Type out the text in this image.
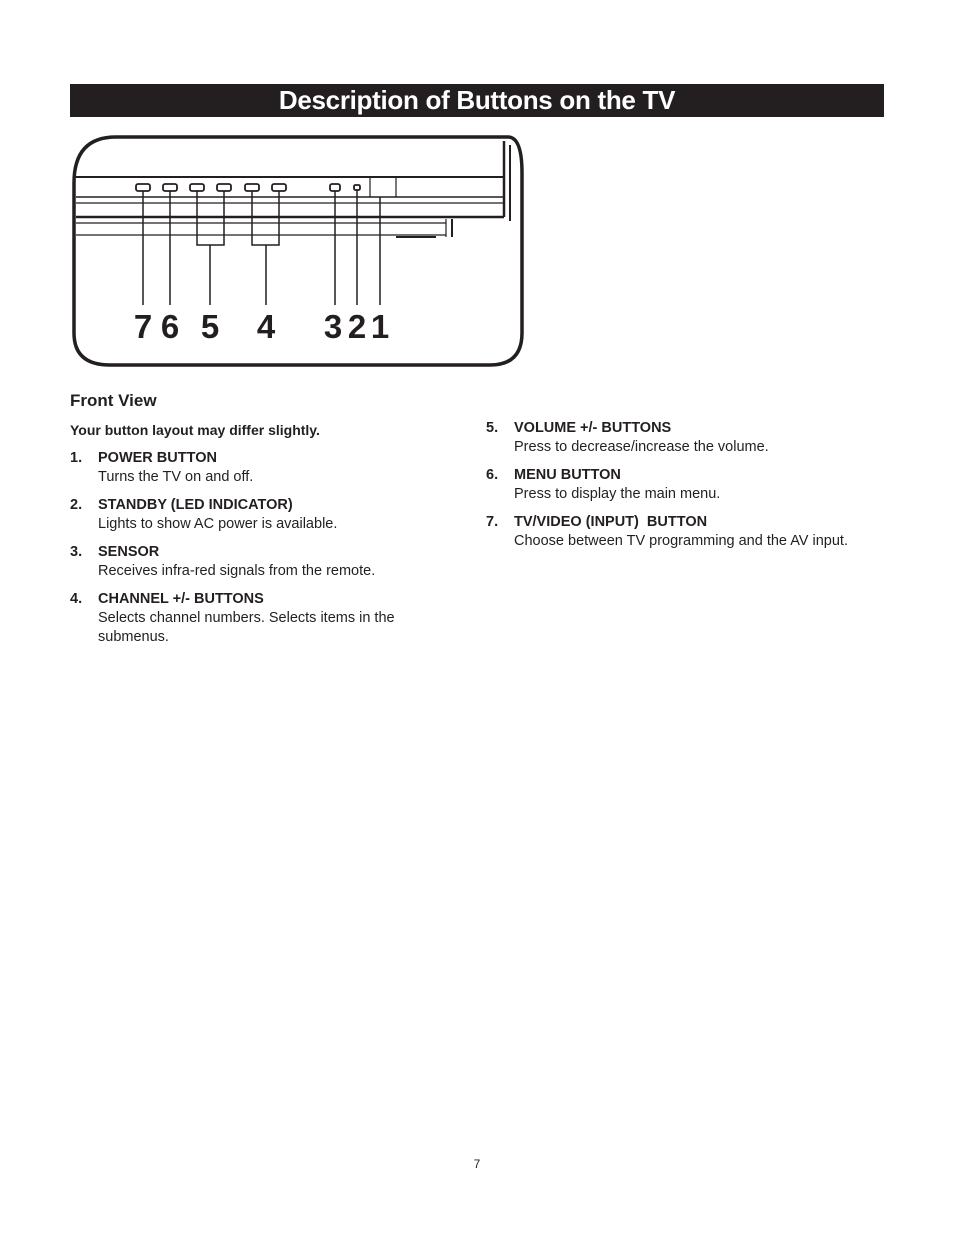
Description of Buttons on the TV
7 6 5 4 3 2 1
Front View
Your button layout may differ slightly.
1. POWER BUTTON
Turns the TV on and off.
2. STANDBY (LED INDICATOR)
Lights to show AC power is available.
3. SENSOR
Receives infra-red signals from the remote.
4. CHANNEL +/- BUTTONS
Selects channel numbers. Selects items in the submenus.
5. VOLUME +/- BUTTONS
Press to decrease/increase the volume.
6. MENU BUTTON
Press to display the main menu.
7. TV/VIDEO (INPUT)  BUTTON
Choose between TV programming and the AV input.
7
